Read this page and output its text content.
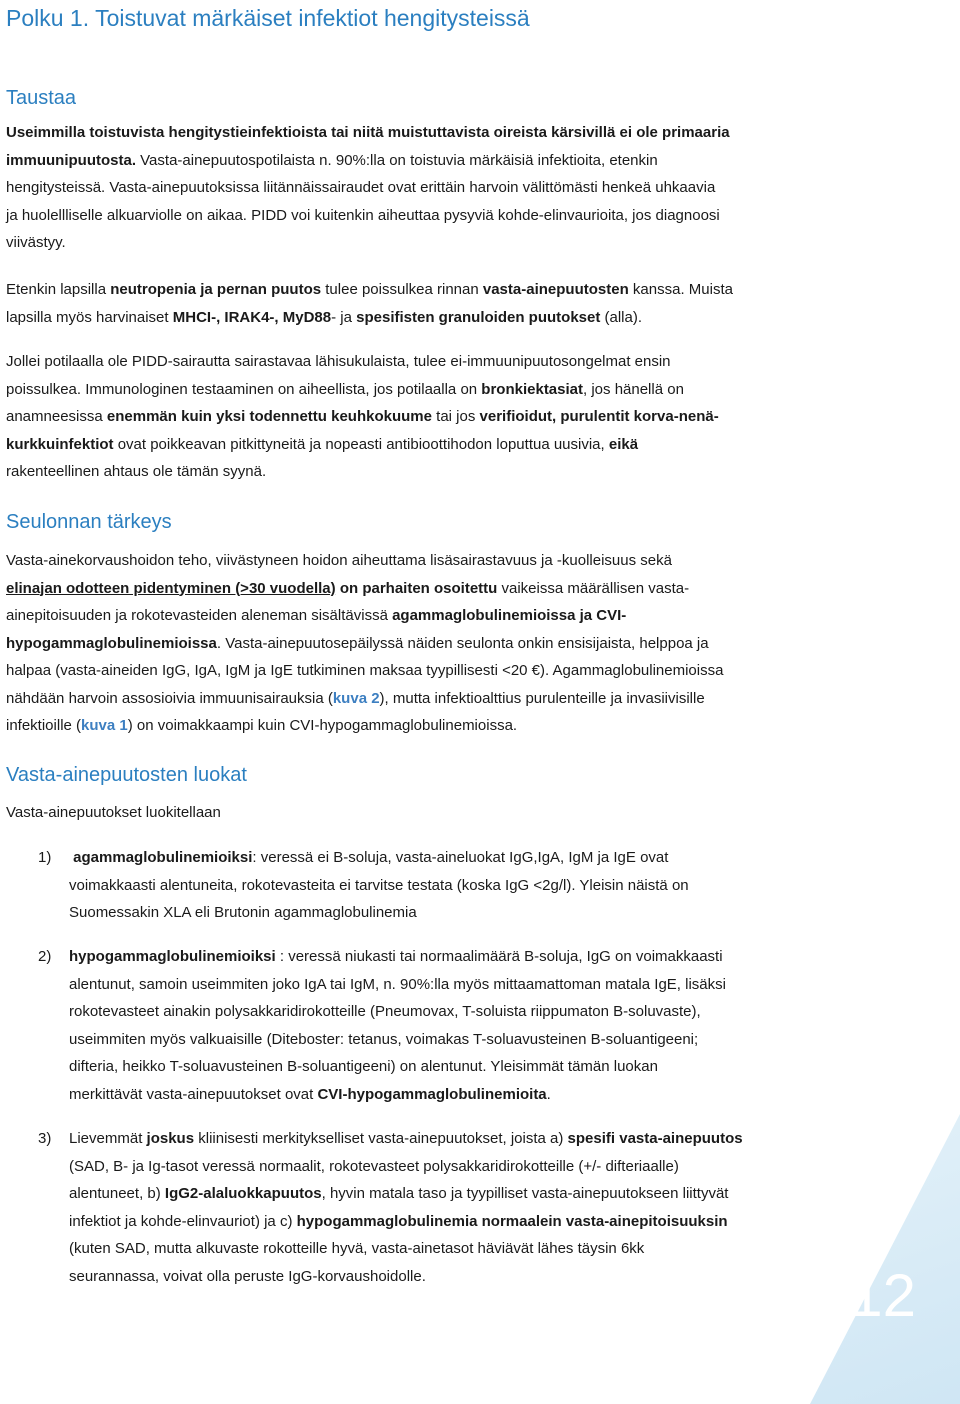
Polku 1. Toistuvat märkäiset infektiot hengitysteissä
Taustaa
Useimmilla toistuvista hengitystieinfektioista tai niitä muistuttavista oireista kärsivillä ei ole primaaria
immuunipuutosta. Vasta-ainepuutospotilaista n. 90%:lla on toistuvia märkäisiä infektioita, etenkin
hengitysteissä. Vasta-ainepuutoksissa liitännäissairaudet ovat erittäin harvoin välittömästi henkeä uhkaavia
ja huolellliselle alkuarviolle on aikaa. PIDD voi kuitenkin aiheuttaa pysyviä kohde-elinvaurioita, jos diagnoosi
viivästyy.
Etenkin lapsilla neutropenia ja pernan puutos tulee poissulkea rinnan vasta-ainepuutosten kanssa. Muista
lapsilla myös harvinaiset MHCI-, IRAK4-, MyD88- ja spesifisten granuloiden puutokset (alla).
Jollei potilaalla ole PIDD-sairautta sairastavaa lähisukulaista, tulee ei-immuunipuutosongelmat ensin
poissulkea. Immunologinen testaaminen on aiheellista, jos potilaalla on bronkiektasiat, jos hänellä on
anamneesissa enemmän kuin yksi todennettu keuhkokuume tai jos verifioidut, purulentit korva-nenä-
kurkkuinfektiot ovat poikkeavan pitkittyneitä ja nopeasti antibioottihodon loputtua uusivia, eikä
rakenteellinen ahtaus ole tämän syynä.
Seulonnan tärkeys
Vasta-ainekorvaushoidon teho, viivästyneen hoidon aiheuttama lisäsairastavuus ja -kuolleisuus sekä
elinajan odotteen pidentyminen (>30 vuodella) on parhaiten osoitettu vaikeissa määrällisen vasta-
ainepitoisuuden ja rokotevasteiden aleneman sisältävissä agammaglobulinemioissa ja CVI-
hypogammaglobulinemioissa. Vasta-ainepuutosepäilyssä näiden seulonta onkin ensisijaista, helppoa ja
halpaa (vasta-aineiden IgG, IgA, IgM ja IgE tutkiminen maksaa tyypillisesti <20 €). Agammaglobulinemioissa
nähdään harvoin assosioivia immuunisairauksia (kuva 2), mutta infektioalttius purulenteille ja invasiivisille
infektioille (kuva 1) on voimakkaampi kuin CVI-hypogammaglobulinemioissa.
Vasta-ainepuutosten luokat
Vasta-ainepuutokset luokitellaan
1) agammaglobulinemioiksi: veressä ei B-soluja, vasta-aineluokat IgG,IgA, IgM ja IgE ovat
voimakkaasti alentuneita, rokotevasteita ei tarvitse testata (koska IgG <2g/l). Yleisin näistä on
Suomessakin XLA eli Brutonin agammaglobulinemia
2) hypogammaglobulinemioiksi : veressä niukasti tai normaalimäärä B-soluja, IgG on voimakkaasti
alentunut, samoin useimmiten joko IgA tai IgM, n. 90%:lla myös mittaamattoman matala IgE, lisäksi
rokotevasteet ainakin polysakkaridirokotteille (Pneumovax, T-soluista riippumaton B-soluvaste),
useimmiten myös valkuaisille (Diteboster: tetanus, voimakas T-soluavusteinen B-soluantigeeni;
difteria, heikko T-soluavusteinen B-soluantigeeni) on alentunut. Yleisimmät tämän luokan
merkittävät vasta-ainepuutokset ovat CVI-hypogammaglobulinemioita.
3) Lievemmät joskus kliinisesti merkitykselliset vasta-ainepuutokset, joista a) spesifi vasta-ainepuutos
(SAD, B- ja Ig-tasot veressä normaalit, rokotevasteet polysakkaridirokotteille (+/- difteriaalle)
alentuneet, b) IgG2-alaluokkapuutos, hyvin matala taso ja tyypilliset vasta-ainepuutokseen liittyvät
infektiot ja kohde-elinvauriot) ja c) hypogammaglobulinemia normaalein vasta-ainepitoisuuksin
(kuten SAD, mutta alkuvaste rokotteille hyvä, vasta-ainetasot häviävät lähes täysin 6kk
seurannassa, voivat olla peruste IgG-korvaushoidolle.	12
